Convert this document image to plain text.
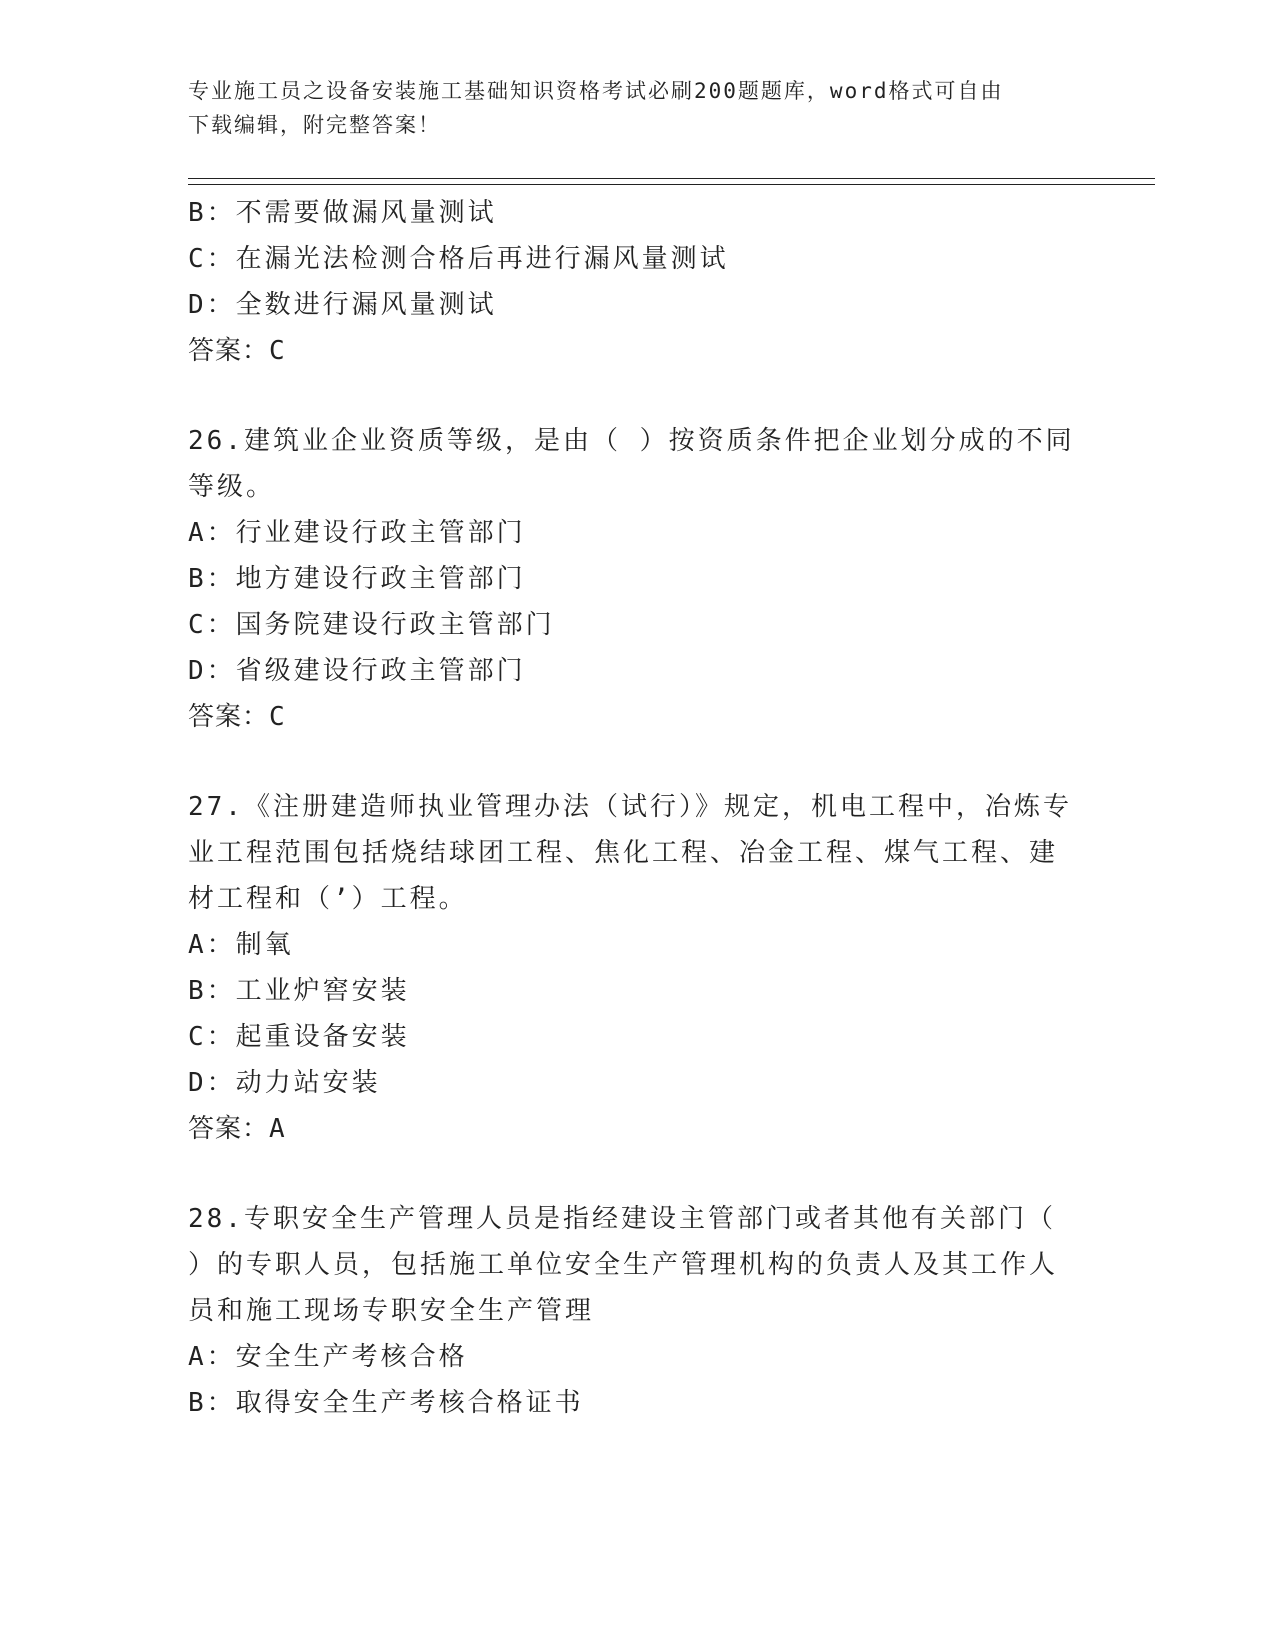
专业施工员之设备安装施工基础知识资格考试必刷200题题库，word格式可自由
下载编辑，附完整答案！
B：不需要做漏风量测试
C：在漏光法检测合格后再进行漏风量测试
D：全数进行漏风量测试
答案：C
26.建筑业企业资质等级，是由（ ）按资质条件把企业划分成的不同
等级。
A：行业建设行政主管部门
B：地方建设行政主管部门
C：国务院建设行政主管部门
D：省级建设行政主管部门
答案：C
27.《注册建造师执业管理办法（试行）》规定，机电工程中，冶炼专
业工程范围包括烧结球团工程、焦化工程、冶金工程、煤气工程、建
材工程和（’）工程。
A：制氧
B：工业炉窖安装
C：起重设备安装
D：动力站安装
答案：A
28.专职安全生产管理人员是指经建设主管部门或者其他有关部门（
）的专职人员，包括施工单位安全生产管理机构的负责人及其工作人
员和施工现场专职安全生产管理
A：安全生产考核合格
B：取得安全生产考核合格证书
